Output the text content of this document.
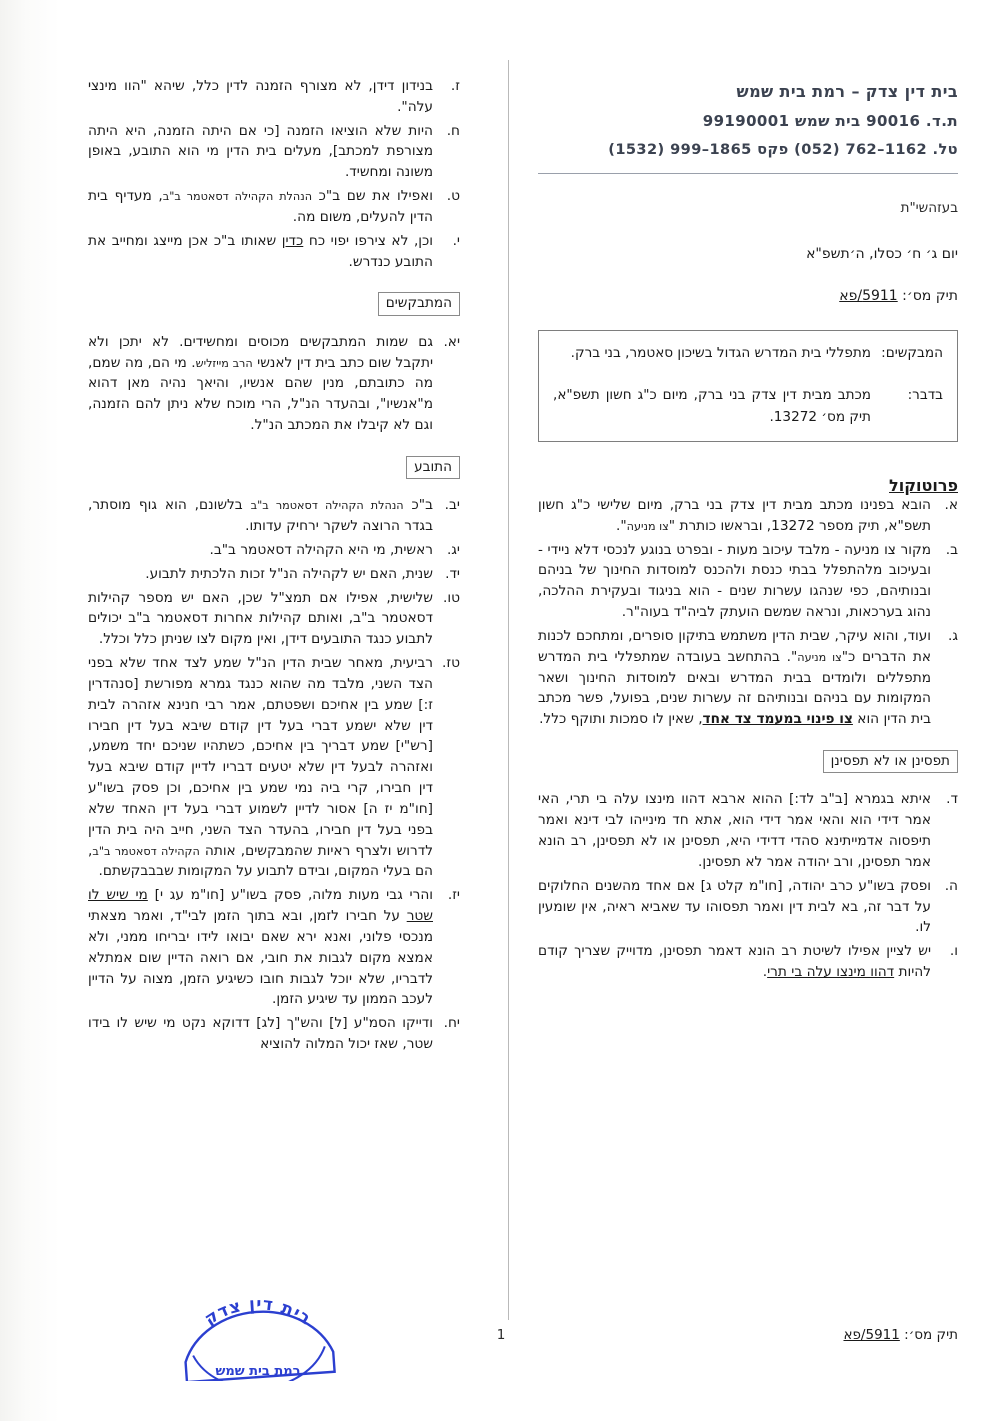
בית דין צדק – רמת בית שמש
ת.ד. 90016 בית שמש 99190001
טל. 1162–762 (052) פקס 1865–999 (1532)
בעזהשי"ת
יום ג׳ ח׳ כסלו, ה׳תשפ"א
תיק מס׳: 5911/פא
המבקשים:
מתפללי בית המדרש הגדול בשיכון סאטמר, בני ברק.
בדבר:
מכתב מבית דין צדק בני ברק, מיום כ"ג חשון תשפ"א, תיק מס׳ 13272.
פרוטוקול
א.
הובא בפנינו מכתב מבית דין צדק בני ברק, מיום שלישי כ"ג חשון תשפ"א, תיק מספר 13272, ובראשו כותרת "צו מניעה".
ב.
מקור צו מניעה - מלבד עיכוב מעות - ובפרט בנוגע לנכסי דלא ניידי - ובעיכוב מלהתפלל בבתי כנסת ולהכנס למוסדות החינוך של בניהם ובנותיהם, כפי שנהגו עשרות שנים - הוא בניגוד ובעקירת ההלכה, נהוג בערכאות, ונראה שמשם הועתק לביה"ד בעוה"ר.
ג.
ועוד, והוא עיקר, שבית הדין משתמש בתיקון סופרים, ומתחכם לכנות את הדברים כ"צו מניעה". בהתחשב בעובדה שמתפללי בית המדרש מתפללים ולומדים בבית המדרש ובאים למוסדות החינוך ושאר המקומות עם בניהם ובנותיהם זה עשרות שנים, בפועל, פשר מכתב בית הדין הוא צו פינוי במעמד צד אחד, שאין לו סמכות ותוקף כלל.
תפסינן או לא תפסינן
ד.
איתא בגמרא [ב"ב לד:] ההוא ארבא דהוו מינצו עלה בי תרי, האי אמר דידי הוא והאי אמר דידי הוא, אתא חד מינייהו לבי דינא ואמר תיפסוה אדמייתינא סהדי דדידי היא, תפסינן או לא תפסינן, רב הונא אמר תפסינן, ורב יהודה אמר לא תפסינן.
ה.
ופסק בשו"ע כרב יהודה, [חו"מ קלט ג] אם אחד מהשנים החלוקים על דבר זה, בא לבית דין ואמר תפסוהו עד שאביא ראיה, אין שומעין לו.
ו.
יש לציין אפילו לשיטת רב הונא דאמר תפסינן, מדוייק שצריך קודם להיות דהוו מינצו עלה בי תרי.
ז.
בנידון דידן, לא מצורף הזמנה לדין כלל, שיהא "הוו מינצי עלה".
ח.
היות שלא הוציאו הזמנה [כי אם היתה הזמנה, היא היתה מצורפת למכתב], מעלים בית הדין מי הוא התובע, באופן משונה ומחשיד.
ט.
ואפילו את שם ב"כ הנהלת הקהילה דסאטמר ב"ב, מעדיף בית הדין להעלים, משום מה.
י.
וכן, לא צירפו יפוי כח כדין שאותו ב"כ אכן מייצג ומחייב את התובע כנדרש.
המתבקשים
יא.
גם שמות המתבקשים מכוסים ומחשידים. לא יתכן ולא יתקבל שום כתב בית דין לאנשי הרב מייזליש. מי הם, מה שמם, מה כתובתם, מנין שהם אנשיו, והיאך נהיה מאן דהוא מ"אנשיו", ובהעדר הנ"ל, הרי מוכח שלא ניתן להם הזמנה, וגם לא קיבלו את המכתב הנ"ל.
התובע
יב.
ב"כ הנהלת הקהילה דסאטמר ב"ב בלשונם, הוא גוף מוסתר, בגדר הרוצה לשקר ירחיק עדותו.
יג.
ראשית, מי היא הקהילה דסאטמר ב"ב.
יד.
שנית, האם יש לקהילה הנ"ל זכות הלכתית לתבוע.
טו.
שלישית, אפילו אם תמצ"ל שכן, האם יש מספר קהילות דסאטמר ב"ב, ואותם קהילות אחרות דסאטמר ב"ב יכולים לתבוע כנגד התובעים דידן, ואין מקום לצו שניתן כלל וכלל.
טז.
רביעית, מאחר שבית הדין הנ"ל שמע לצד אחד שלא בפני הצד השני, מלבד מה שהוא כנגד גמרא מפורשת [סנהדרין ז:] שמע בין אחיכם ושפטתם, אמר רבי חנינא אזהרה לבית דין שלא ישמע דברי בעל דין קודם שיבא בעל דין חבירו [רש"י] שמע דבריך בין אחיכם, כשתהיו שניכם יחד משמע, ואזהרה לבעל דין שלא יטעים דבריו לדיין קודם שיבא בעל דין חבירו, קרי ביה נמי שמע בין אחיכם, וכן פסק בשו"ע [חו"מ יז ה] אסור לדיין לשמוע דברי בעל דין האחד שלא בפני בעל דין חבירו, בהעדר הצד השני, חייב היה בית הדין לדרוש ולצרף ראיות שהמבקשים, אותה הקהילה דסאטמר ב"ב, הם בעלי המקום, ובידם לתבוע על המקומות שבבבקשתם.
יז.
והרי גבי מעות מלוה, פסק בשו"ע [חו"מ עג י] מי שיש לו שטר על חבירו לזמן, ובא בתוך הזמן לבי"ד, ואמר מצאתי מנכסי פלוני, ואנא ירא שאם יבואו לידו יבריחו ממני, ולא אמצא מקום לגבות את חובי, אם רואה הדיין שום אמתלא לדבריו, שלא יוכל לגבות חובו כשיגיע הזמן, מצוה על הדיין לעכב הממון עד שיגיע הזמן.
יח.
ודייקו הסמ"ע [ל] והש"ך [לג] דדוקא נקט מי שיש לו בידו שטר, שאז יכול המלוה להוציא
תיק מס׳: 5911/פא
1
בית דין צדק
רמת בית שמש
